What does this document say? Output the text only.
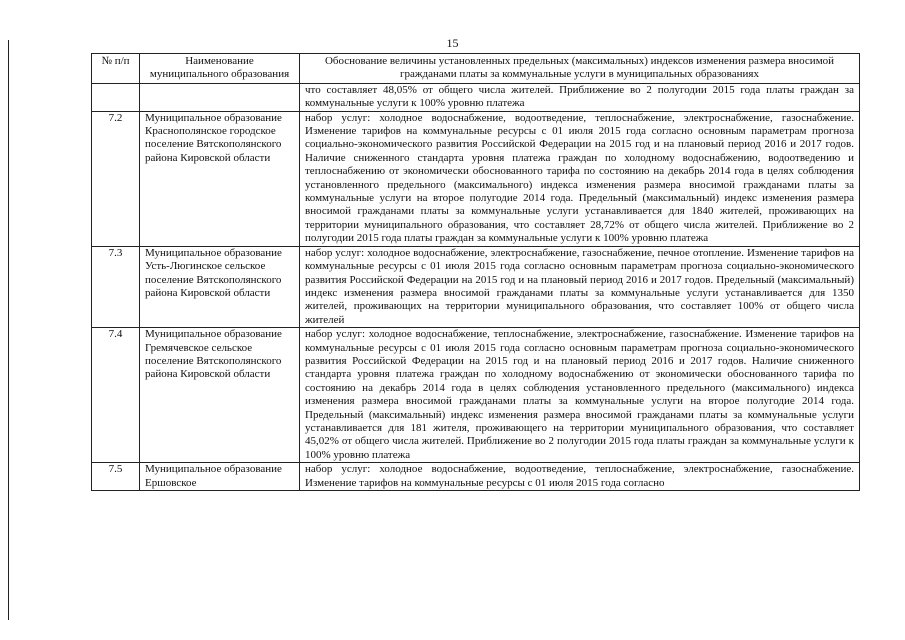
15
№ п/п	Наименование муниципального образования	Обоснование величины установленных предельных (максимальных) индексов изменения размера вносимой гражданами платы за коммунальные услуги в муниципальных образованиях
		что составляет 48,05% от общего числа жителей. Приближение во 2 полугодии 2015 года платы граждан за коммунальные услуги к 100% уровню платежа
7.2	Муниципальное образование Краснополянское городское поселение Вятскополянского района Кировской области	набор услуг: холодное водоснабжение, водоотведение, теплоснабжение, электроснабжение, газоснабжение. Изменение тарифов на коммунальные ресурсы с 01 июля 2015 года согласно основным параметрам прогноза социально-экономического развития Российской Федерации на 2015 год и на плановый период 2016 и 2017 годов. Наличие сниженного стандарта уровня платежа граждан по холодному водоснабжению, водоотведению и теплоснабжению от экономически обоснованного тарифа по состоянию на декабрь 2014 года в целях соблюдения установленного предельного (максимального) индекса изменения размера вносимой гражданами платы за коммунальные услуги на второе полугодие 2014 года. Предельный (максимальный) индекс изменения размера вносимой гражданами платы за коммунальные услуги устанавливается для 1840 жителей, проживающих на территории муниципального образования, что составляет 28,72% от общего числа жителей. Приближение во 2 полугодии 2015 года платы граждан за коммунальные услуги к 100% уровню платежа
7.3	Муниципальное образование Усть-Люгинское сельское поселение Вятскополянского района Кировской области	набор услуг: холодное водоснабжение, электроснабжение, газоснабжение, печное отопление. Изменение тарифов на коммунальные ресурсы с 01 июля 2015 года согласно основным параметрам прогноза социально-экономического развития Российской Федерации на 2015 год и на плановый период 2016 и 2017 годов. Предельный (максимальный) индекс изменения размера вносимой гражданами платы за коммунальные услуги устанавливается для 1350 жителей, проживающих на территории муниципального образования, что составляет 100% от общего числа жителей
7.4	Муниципальное образование Гремячевское сельское поселение Вятскополянского района Кировской области	набор услуг: холодное водоснабжение, теплоснабжение, электроснабжение, газоснабжение. Изменение тарифов на коммунальные ресурсы с 01 июля 2015 года согласно основным параметрам прогноза социально-экономического развития Российской Федерации на 2015 год и на плановый период 2016 и 2017 годов. Наличие сниженного стандарта уровня платежа граждан по холодному водоснабжению от экономически обоснованного тарифа по состоянию на декабрь 2014 года в целях соблюдения установленного предельного (максимального) индекса изменения размера вносимой гражданами платы за коммунальные услуги на второе полугодие 2014 года. Предельный (максимальный) индекс изменения размера вносимой гражданами платы за коммунальные услуги устанавливается для 181 жителя, проживающего на территории муниципального образования, что составляет 45,02% от общего числа жителей. Приближение во 2 полугодии 2015 года платы граждан за коммунальные услуги к 100% уровню платежа
7.5	Муниципальное образование Ершовское	набор услуг: холодное водоснабжение, водоотведение, теплоснабжение, электроснабжение, газоснабжение. Изменение тарифов на коммунальные ресурсы с 01 июля 2015 года согласно
